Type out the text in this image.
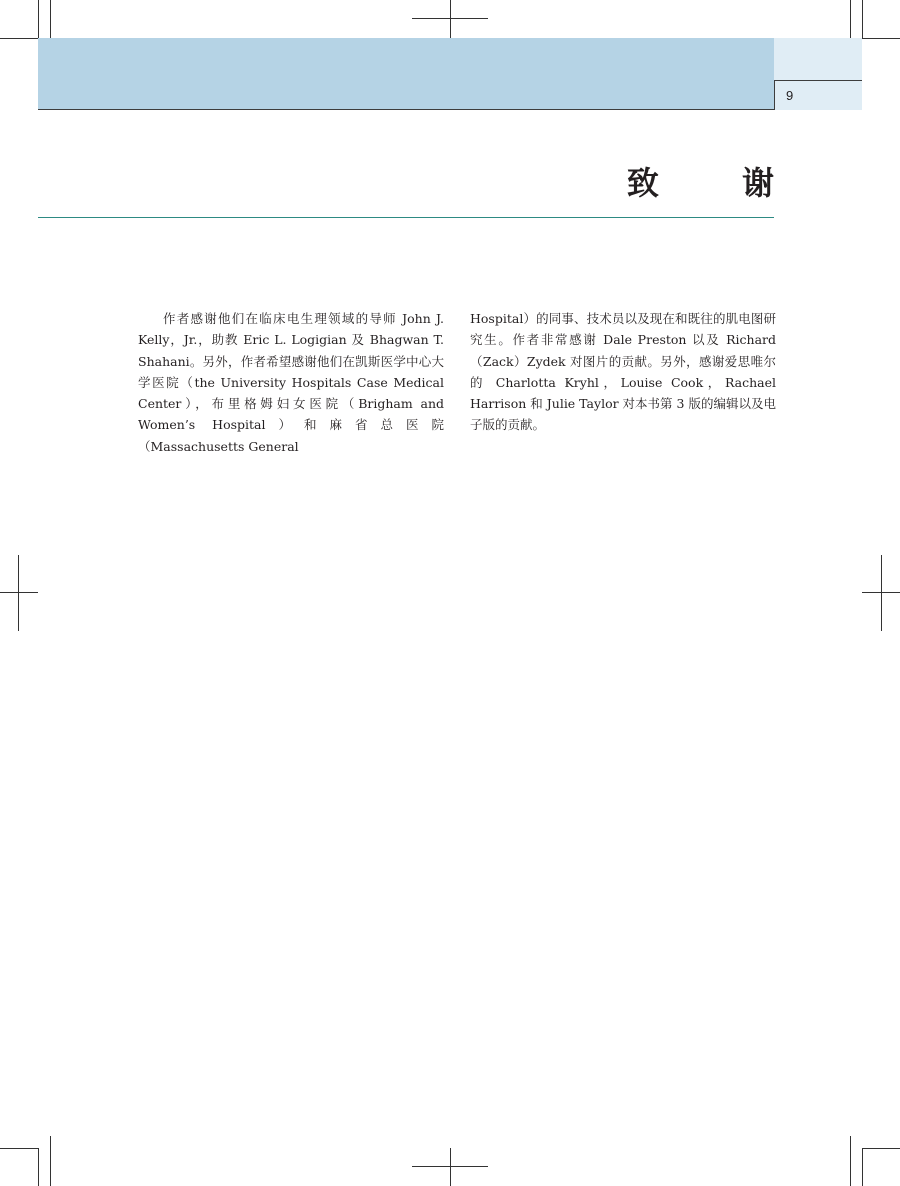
9
致 谢

作者感谢他们在临床电生理领域的导师 John J. Kelly，Jr.，助教 Eric L. Logigian 及 Bhagwan T. Shahani。另外，作者希望感谢他们在凯斯医学中心大学医院（the University Hospitals Case Medical Center），布里格姆妇女医院（Brigham and Women’s Hospital）和麻省总医院（Massachusetts General

Hospital）的同事、技术员以及现在和既往的肌电图研究生。作者非常感谢 Dale Preston 以及 Richard（Zack）Zydek 对图片的贡献。另外，感谢爱思唯尔的 Charlotta Kryhl，Louise Cook，Rachael Harrison 和 Julie Taylor 对本书第 3 版的编辑以及电子版的贡献。
